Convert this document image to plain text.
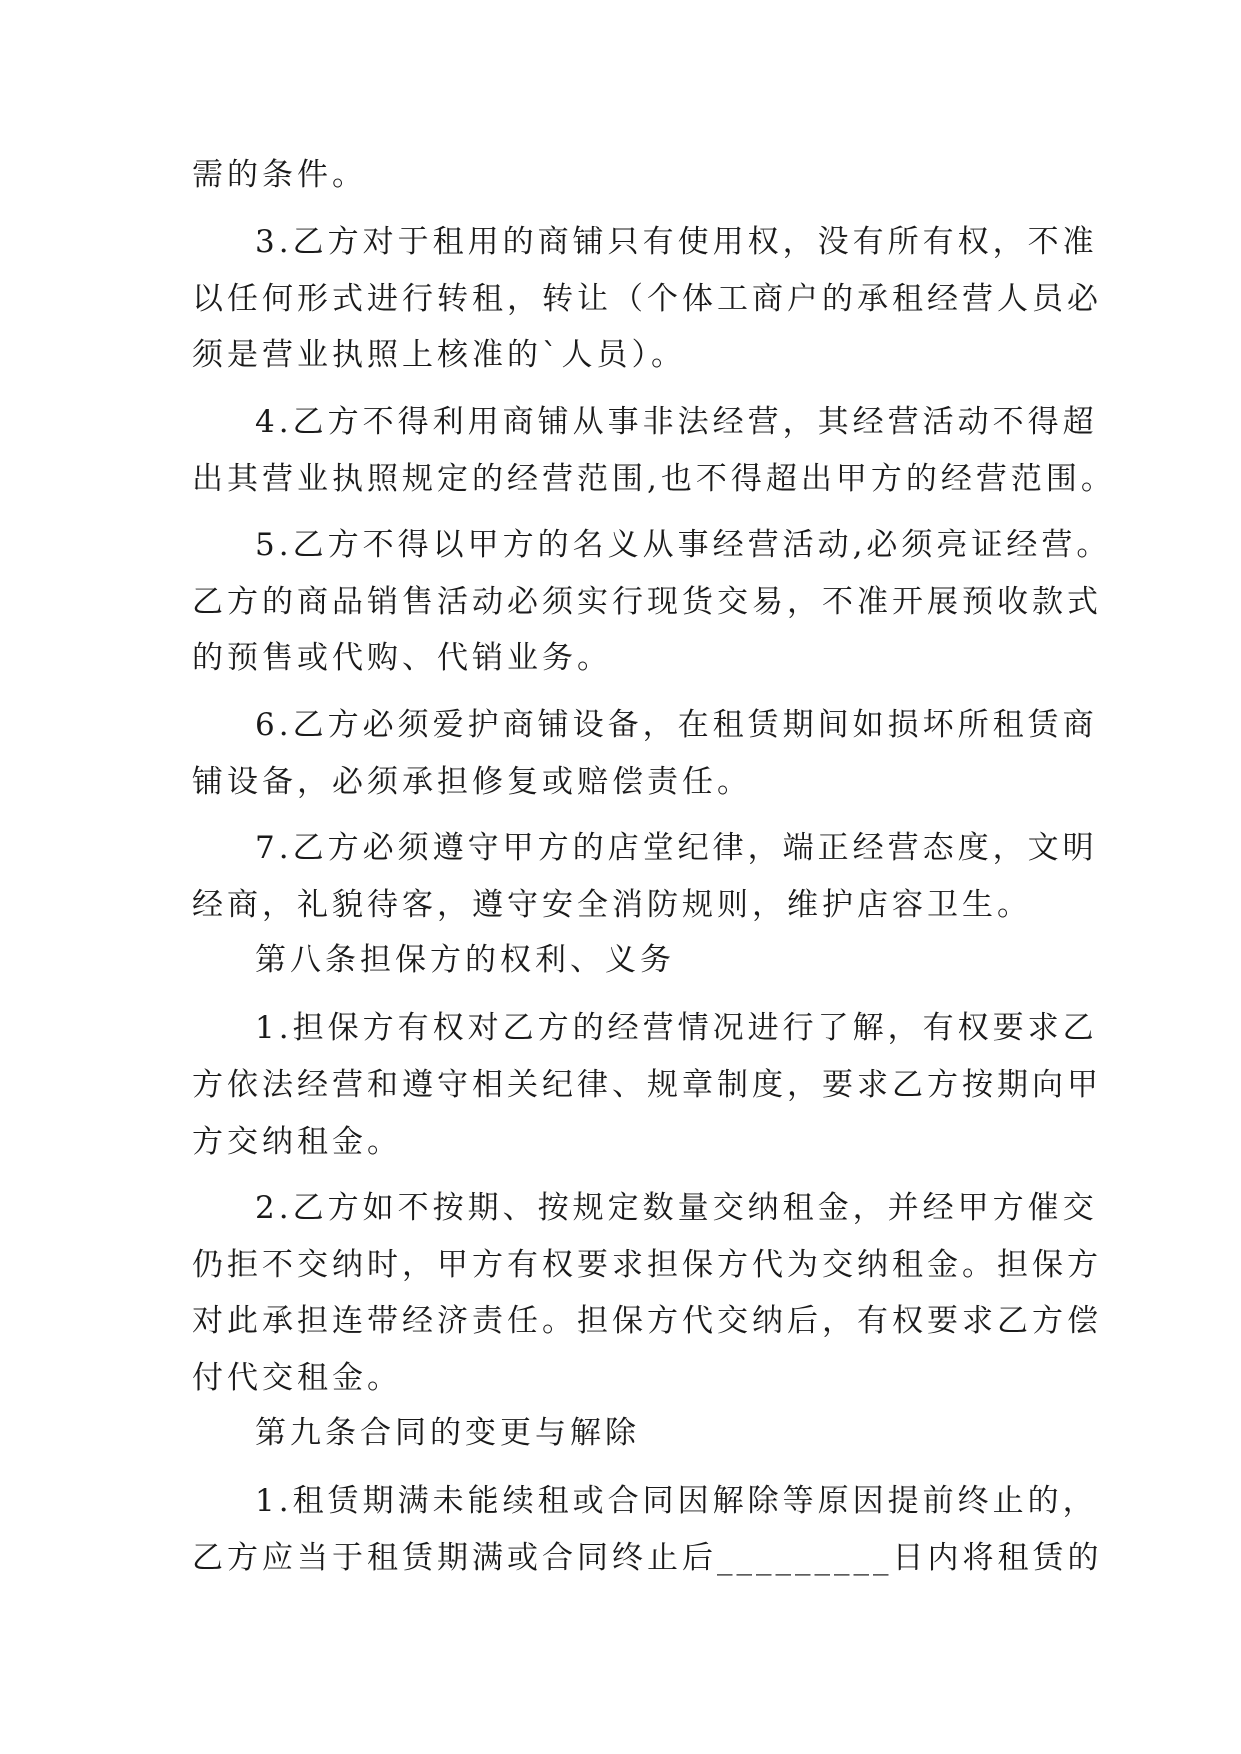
需的条件。
3.乙方对于租用的商铺只有使用权，没有所有权，不准
以任何形式进行转租，转让（个体工商户的承租经营人员必
须是营业执照上核准的`人员）。
4.乙方不得利用商铺从事非法经营，其经营活动不得超
出其营业执照规定的经营范围,也不得超出甲方的经营范围。
5.乙方不得以甲方的名义从事经营活动,必须亮证经营。
乙方的商品销售活动必须实行现货交易，不准开展预收款式
的预售或代购、代销业务。
6.乙方必须爱护商铺设备，在租赁期间如损坏所租赁商
铺设备，必须承担修复或赔偿责任。
7.乙方必须遵守甲方的店堂纪律，端正经营态度，文明
经商，礼貌待客，遵守安全消防规则，维护店容卫生。
第八条担保方的权利、义务
1.担保方有权对乙方的经营情况进行了解，有权要求乙
方依法经营和遵守相关纪律、规章制度，要求乙方按期向甲
方交纳租金。
2.乙方如不按期、按规定数量交纳租金，并经甲方催交
仍拒不交纳时，甲方有权要求担保方代为交纳租金。担保方
对此承担连带经济责任。担保方代交纳后，有权要求乙方偿
付代交租金。
第九条合同的变更与解除
1.租赁期满未能续租或合同因解除等原因提前终止的，
乙方应当于租赁期满或合同终止后_________日内将租赁的
